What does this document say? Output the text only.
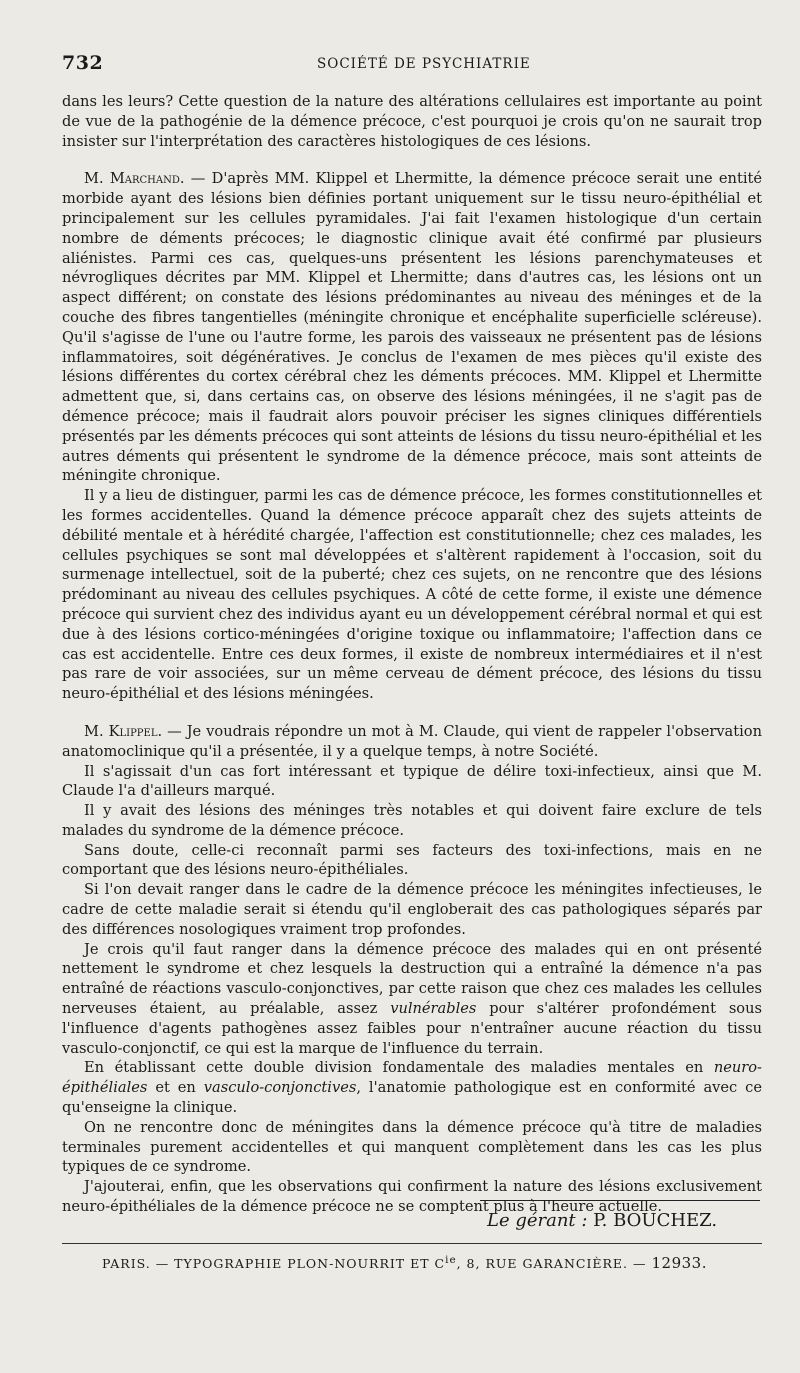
732	SOCIÉTÉ DE PSYCHIATRIE

dans les leurs? Cette question de la nature des altérations cellulaires est importante au point de vue de la pathogénie de la démence précoce, c'est pourquoi je crois qu'on ne saurait trop insister sur l'interprétation des caractères histologiques de ces lésions.

M. Marchand. — D'après MM. Klippel et Lhermitte, la démence précoce serait une entité morbide ayant des lésions bien définies portant uniquement sur le tissu neuro-épithélial et principalement sur les cellules pyramidales. J'ai fait l'examen histologique d'un certain nombre de déments précoces; le diagnostic clinique avait été confirmé par plusieurs aliénistes. Parmi ces cas, quelques-uns présentent les lésions parenchymateuses et névrogliques décrites par MM. Klippel et Lhermitte; dans d'autres cas, les lésions ont un aspect différent; on constate des lésions prédominantes au niveau des méninges et de la couche des fibres tangentielles (méningite chronique et encéphalite superficielle scléreuse). Qu'il s'agisse de l'une ou l'autre forme, les parois des vaisseaux ne présentent pas de lésions inflammatoires, soit dégénératives. Je conclus de l'examen de mes pièces qu'il existe des lésions différentes du cortex cérébral chez les déments précoces. MM. Klippel et Lhermitte admettent que, si, dans certains cas, on observe des lésions méningées, il ne s'agit pas de démence précoce; mais il faudrait alors pouvoir préciser les signes cliniques différentiels présentés par les déments précoces qui sont atteints de lésions du tissu neuro-épithélial et les autres déments qui présentent le syndrome de la démence précoce, mais sont atteints de méningite chronique.

Il y a lieu de distinguer, parmi les cas de démence précoce, les formes constitutionnelles et les formes accidentelles. Quand la démence précoce apparaît chez des sujets atteints de débilité mentale et à hérédité chargée, l'affection est constitutionnelle; chez ces malades, les cellules psychiques se sont mal développées et s'altèrent rapidement à l'occasion, soit du surmenage intellectuel, soit de la puberté; chez ces sujets, on ne rencontre que des lésions prédominant au niveau des cellules psychiques. A côté de cette forme, il existe une démence précoce qui survient chez des individus ayant eu un développement cérébral normal et qui est due à des lésions cortico-méningées d'origine toxique ou inflammatoire; l'affection dans ce cas est accidentelle. Entre ces deux formes, il existe de nombreux intermédiaires et il n'est pas rare de voir associées, sur un même cerveau de dément précoce, des lésions du tissu neuro-épithélial et des lésions méningées.

M. Klippel. — Je voudrais répondre un mot à M. Claude, qui vient de rappeler l'observation anatomoclinique qu'il a présentée, il y a quelque temps, à notre Société.

Il s'agissait d'un cas fort intéressant et typique de délire toxi-infectieux, ainsi que M. Claude l'a d'ailleurs marqué.

Il y avait des lésions des méninges très notables et qui doivent faire exclure de tels malades du syndrome de la démence précoce.

Sans doute, celle-ci reconnaît parmi ses facteurs des toxi-infections, mais en ne comportant que des lésions neuro-épithéliales.

Si l'on devait ranger dans le cadre de la démence précoce les méningites infectieuses, le cadre de cette maladie serait si étendu qu'il engloberait des cas pathologiques séparés par des différences nosologiques vraiment trop profondes.

Je crois qu'il faut ranger dans la démence précoce des malades qui en ont présenté nettement le syndrome et chez lesquels la destruction qui a entraîné la démence n'a pas entraîné de réactions vasculo-conjonctives, par cette raison que chez ces malades les cellules nerveuses étaient, au préalable, assez vulnérables pour s'altérer profondément sous l'influence d'agents pathogènes assez faibles pour n'entraîner aucune réaction du tissu vasculo-conjonctif, ce qui est la marque de l'influence du terrain.

En établissant cette double division fondamentale des maladies mentales en neuro-épithéliales et en vasculo-conjonctives, l'anatomie pathologique est en conformité avec ce qu'enseigne la clinique.

On ne rencontre donc de méningites dans la démence précoce qu'à titre de maladies terminales purement accidentelles et qui manquent complètement dans les cas les plus typiques de ce syndrome.

J'ajouterai, enfin, que les observations qui confirment la nature des lésions exclusivement neuro-épithéliales de la démence précoce ne se comptent plus à l'heure actuelle.

Le gérant : P. BOUCHEZ.
PARIS. — TYPOGRAPHIE PLON-NOURRIT ET $C^{ie}$, 8, RUE GARANCIÈRE. — 12933.
